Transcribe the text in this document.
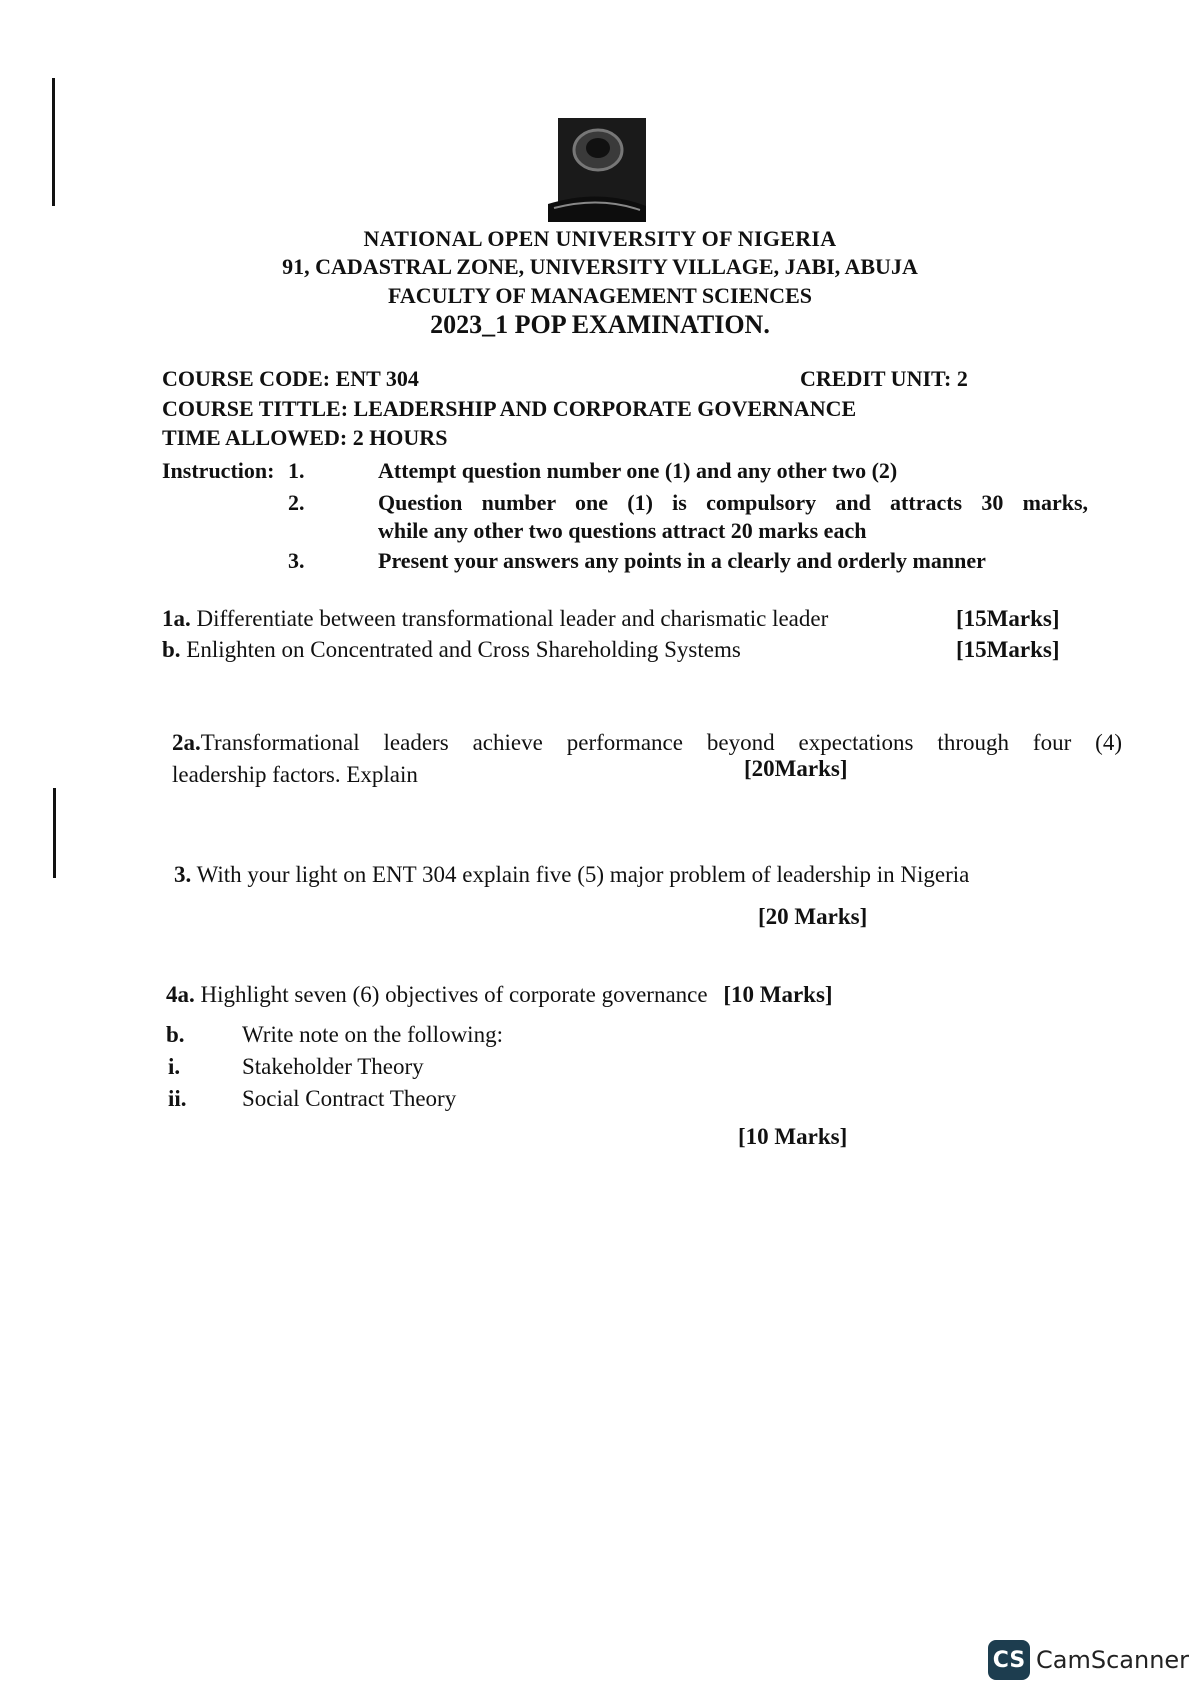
NATIONAL OPEN UNIVERSITY OF NIGERIA
91, CADASTRAL ZONE, UNIVERSITY VILLAGE, JABI, ABUJA
FACULTY OF MANAGEMENT SCIENCES
2023_1 POP EXAMINATION.
COURSE CODE: ENT 304	CREDIT UNIT: 2
COURSE TITTLE: LEADERSHIP AND CORPORATE GOVERNANCE
TIME ALLOWED: 2 HOURS
Instruction: 1.	Attempt question number one (1) and any other two (2)
2.	Question number one (1) is compulsory and attracts 30 marks,
while any other two questions attract 20 marks each
3.	Present your answers any points in a clearly and orderly manner
1a. Differentiate between transformational leader and charismatic leader	[15Marks]
b. Enlighten on Concentrated and Cross Shareholding Systems	[15Marks]
2a.Transformational leaders achieve performance beyond expectations through four (4)
leadership factors. Explain	[20Marks]
3. With your light on ENT 304 explain five (5) major problem of leadership in Nigeria
[20 Marks]
4a. Highlight seven (6) objectives of corporate governance [10 Marks]
b. Write note on the following:
i.	Stakeholder Theory
ii. Social Contract Theory
[10 Marks]
CS CamScanner
